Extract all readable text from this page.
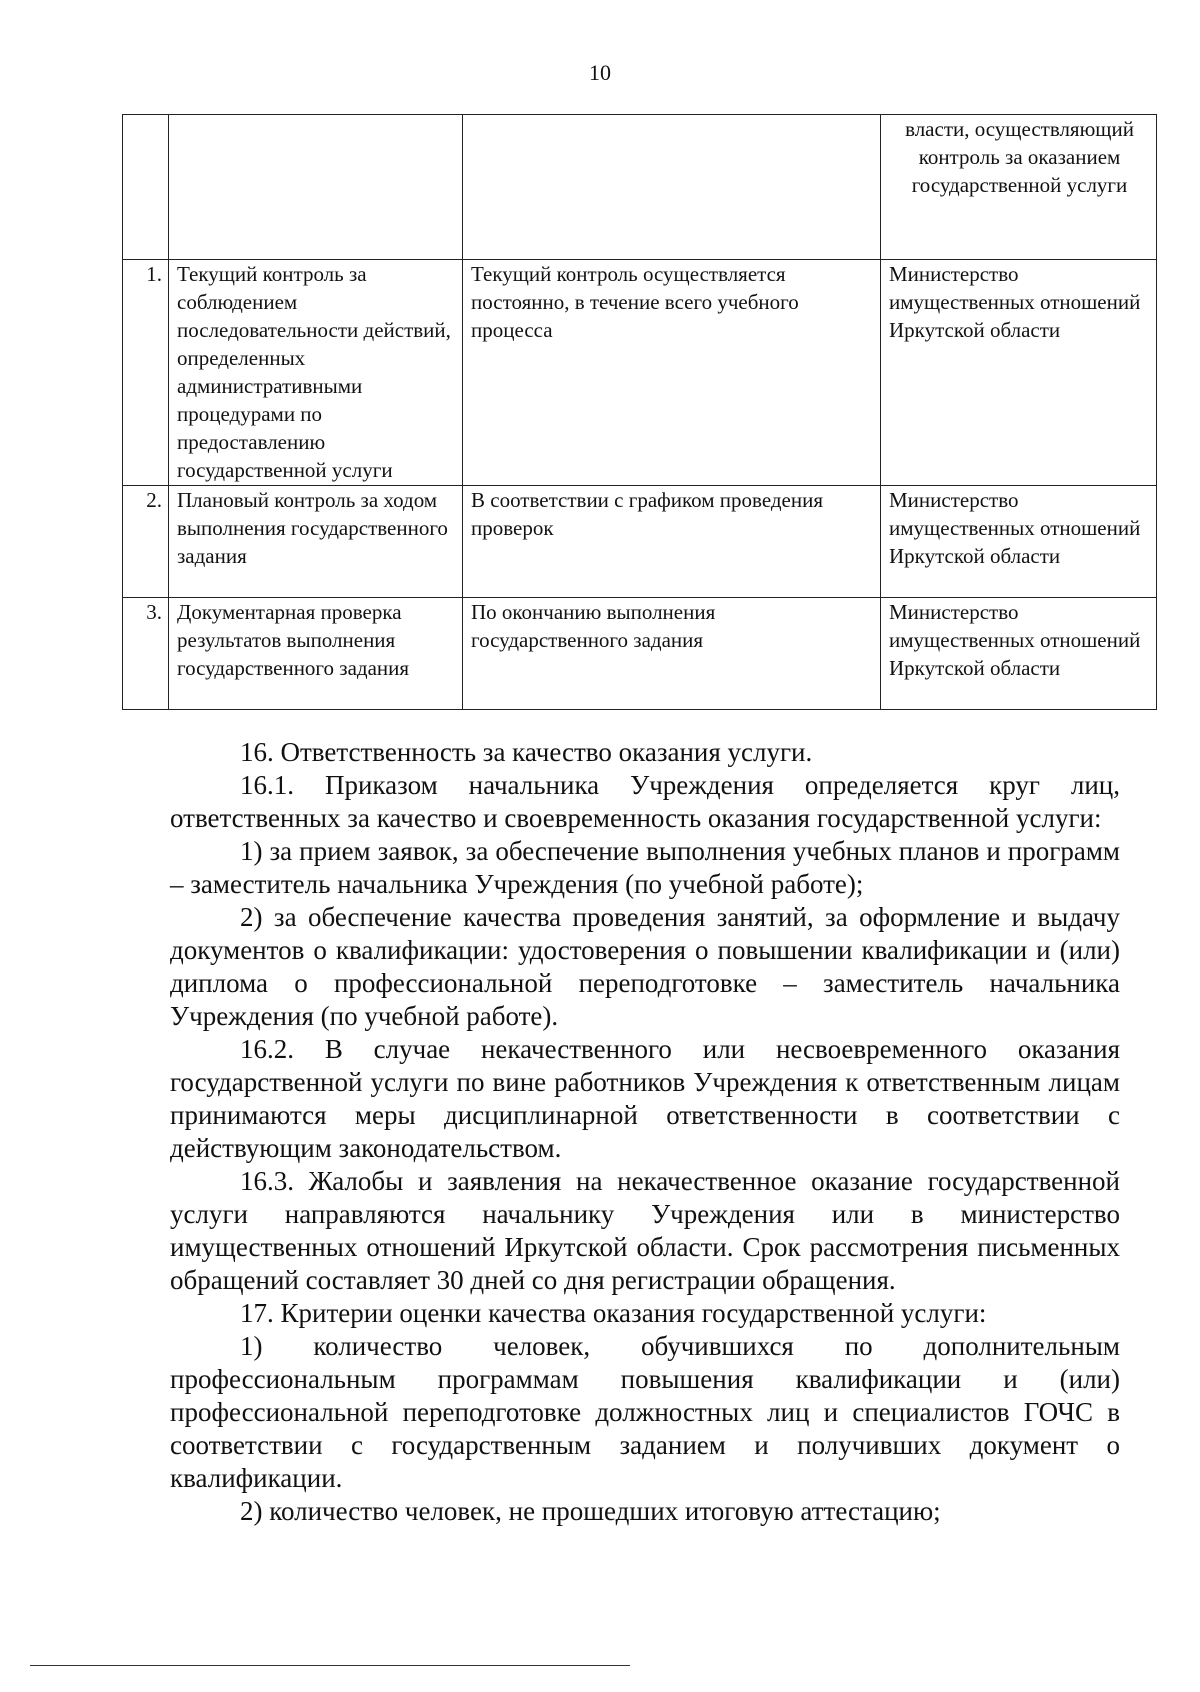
10
			власти, осуществляющий контроль за оказанием государственной услуги
1.	Текущий контроль за соблюдением последовательности действий, определенных административными процедурами по предоставлению государственной услуги	Текущий контроль осуществляется постоянно, в течение всего учебного процесса	Министерство имущественных отношений Иркутской области
2.	Плановый контроль за ходом выполнения государственного задания	В соответствии с графиком проведения проверок	Министерство имущественных отношений Иркутской области
3.	Документарная проверка результатов выполнения государственного задания	По окончанию выполнения государственного задания	Министерство имущественных отношений Иркутской области

16. Ответственность за качество оказания услуги.

16.1. Приказом начальника Учреждения определяется круг лиц, ответственных за качество и своевременность оказания государственной услуги:

1) за прием заявок, за обеспечение выполнения учебных планов и программ – заместитель начальника Учреждения (по учебной работе);

2) за обеспечение качества проведения занятий, за оформление и выдачу документов о квалификации: удостоверения о повышении квалификации и (или) диплома о профессиональной переподготовке – заместитель начальника Учреждения (по учебной работе).

16.2. В случае некачественного или несвоевременного оказания государственной услуги по вине работников Учреждения к ответственным лицам принимаются меры дисциплинарной ответственности в соответствии с действующим законодательством.

16.3. Жалобы и заявления на некачественное оказание государственной услуги направляются начальнику Учреждения или в министерство имущественных отношений Иркутской области. Срок рассмотрения письменных обращений составляет 30 дней со дня регистрации обращения.

17. Критерии оценки качества оказания государственной услуги:

1) количество человек, обучившихся по дополнительным профессиональным программам повышения квалификации и (или) профессиональной переподготовке должностных лиц и специалистов ГОЧС в соответствии с государственным заданием и получивших документ о квалификации.

2) количество человек, не прошедших итоговую аттестацию;
